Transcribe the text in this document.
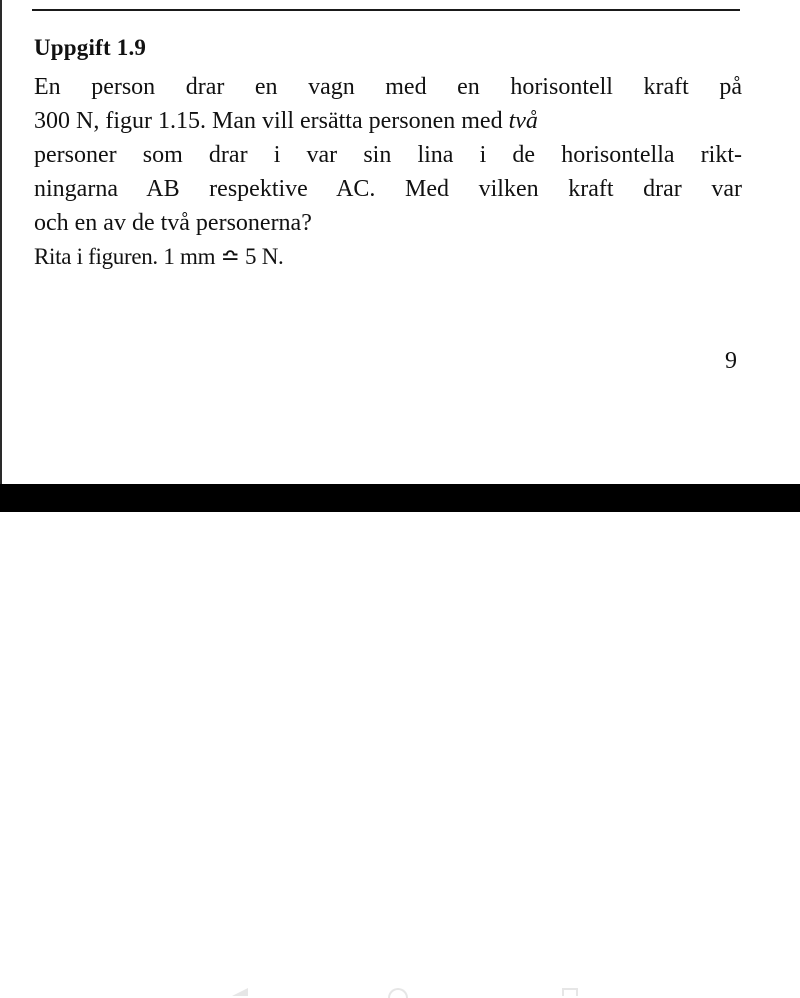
Uppgift 1.9
En person drar en vagn med en horisontell kraft på
300 N, figur 1.15. Man vill ersätta personen med två
personer som drar i var sin lina i de horisontella rikt-
ningarna AB respektive AC. Med vilken kraft drar var
och en av de två personerna?
Rita i figuren. 1 mm ≏ 5 N.
9
